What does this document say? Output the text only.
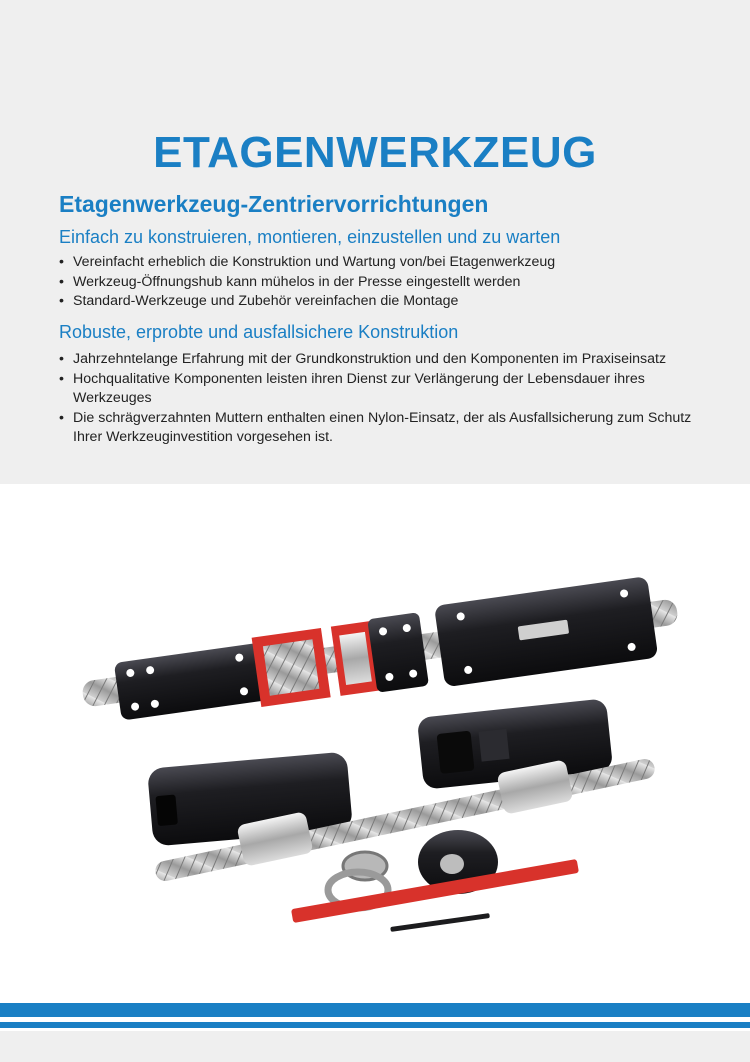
ETAGENWERKZEUG
Etagenwerkzeug-Zentriervorrichtungen
Einfach zu konstruieren, montieren, einzustellen und zu warten
• Vereinfacht erheblich die Konstruktion und Wartung von/bei Etagenwerkzeug
• Werkzeug-Öffnungshub kann mühelos in der Presse eingestellt werden
• Standard-Werkzeuge und Zubehör vereinfachen die Montage
Robuste, erprobte und ausfallsichere Konstruktion
• Jahrzehntelange Erfahrung mit der Grundkonstruktion und den Komponenten im Praxiseinsatz
• Hochqualitative Komponenten leisten ihren Dienst zur Verlängerung der Lebensdauer ihres Werkzeuges
• Die schrägverzahnten Muttern enthalten einen Nylon-Einsatz, der als Ausfallsicherung zum Schutz Ihrer Werkzeuginvestition vorgesehen ist.
